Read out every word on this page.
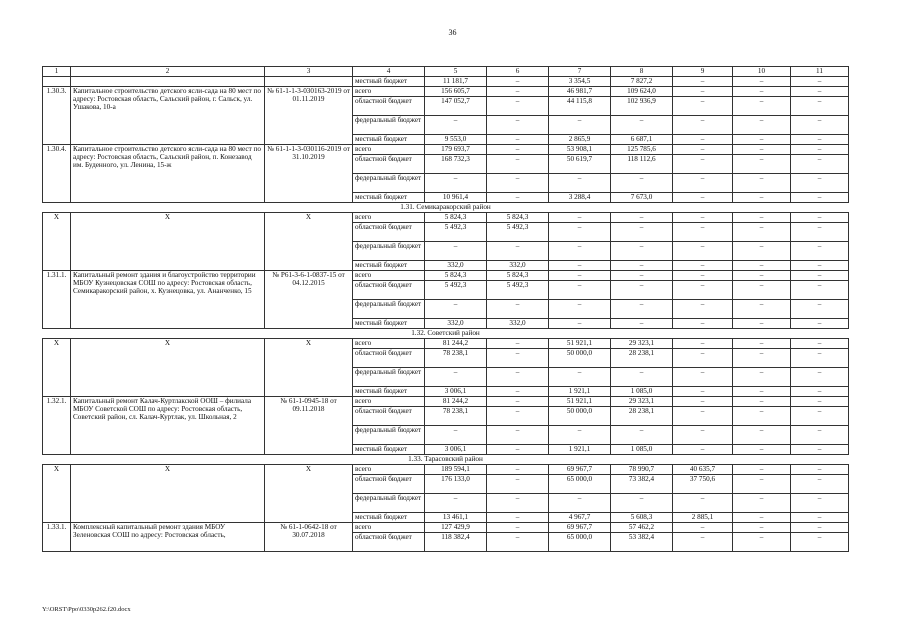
36
1	2	3	4	5	6	7	8	9	10	11
			местный бюджет	11 181,7	–	3 354,5	7 827,2	–	–	–
1.30.3.	Капитальное строительство детского ясли-сада на 80 мест по адресу: Ростовская область, Сальский район, г. Сальск, ул. Ушакова, 10-а	№ 61-1-1-3-030163-2019 от 01.11.2019	всего	156 605,7	–	46 981,7	109 624,0	–	–	–
			областной бюджет	147 052,7	–	44 115,8	102 936,9	–	–	–
			федеральный бюджет	–	–	–	–	–	–	–
			местный бюджет	9 553,0	–	2 865,9	6 687,1	–	–	–
1.30.4.	Капитальное строительство детского ясли-сада на 80 мест по адресу: Ростовская область, Сальский район, п. Конезавод им. Буденного, ул. Ленина, 15-ж	№ 61-1-1-3-030116-2019 от 31.10.2019	всего	179 693,7	–	53 908,1	125 785,6	–	–	–
			областной бюджет	168 732,3	–	50 619,7	118 112,6	–	–	–
			федеральный бюджет	–	–	–	–	–	–	–
			местный бюджет	10 961,4	–	3 288,4	7 673,0	–	–	–
1.31. Семикаракорский район										
X	X	X	всего	5 824,3	5 824,3	–	–	–	–	–
			областной бюджет	5 492,3	5 492,3	–	–	–	–	–
			федеральный бюджет	–	–	–	–	–	–	–
			местный бюджет	332,0	332,0	–	–	–	–	–
1.31.1.	Капитальный ремонт здания и благоустройство территории МБОУ Кузнецовская СОШ по адресу: Ростовская область, Семикаракорский район, х. Кузнецовка, ул. Ананченко, 15	№ Р61-3-6-1-0837-15 от 04.12.2015	всего	5 824,3	5 824,3	–	–	–	–	–
			областной бюджет	5 492,3	5 492,3	–	–	–	–	–
			федеральный бюджет	–	–	–	–	–	–	–
			местный бюджет	332,0	332,0	–	–	–	–	–
1.32. Советский район										
X	X	X	всего	81 244,2	–	51 921,1	29 323,1	–	–	–
			областной бюджет	78 238,1	–	50 000,0	28 238,1	–	–	–
			федеральный бюджет	–	–	–	–	–	–	–
			местный бюджет	3 006,1	–	1 921,1	1 085,0	–	–	–
1.32.1.	Капитальный ремонт Калач-Куртлакской ООШ – филиала МБОУ Советской СОШ по адресу: Ростовская область, Советский район, сл. Калач-Куртлак, ул. Школьная, 2	№ 61-1-0945-18 от 09.11.2018	всего	81 244,2	–	51 921,1	29 323,1	–	–	–
			областной бюджет	78 238,1	–	50 000,0	28 238,1	–	–	–
			федеральный бюджет	–	–	–	–	–	–	–
			местный бюджет	3 006,1	–	1 921,1	1 085,0	–	–	–
1.33. Тарасовский район										
X	X	X	всего	189 594,1	–	69 967,7	78 990,7	40 635,7	–	–
			областной бюджет	176 133,0	–	65 000,0	73 382,4	37 750,6	–	–
			федеральный бюджет	–	–	–	–	–	–	–
			местный бюджет	13 461,1	–	4 967,7	5 608,3	2 885,1	–	–
1.33.1.	Комплексный капитальный ремонт здания МБОУ Зеленовская СОШ по адресу: Ростовская область,	№ 61-1-0642-18 от 30.07.2018	всего	127 429,9	–	69 967,7	57 462,2	–	–	–
			областной бюджет	118 382,4	–	65 000,0	53 382,4	–	–	–
Y:\ORST\Ppo\0330p262.f20.docx
